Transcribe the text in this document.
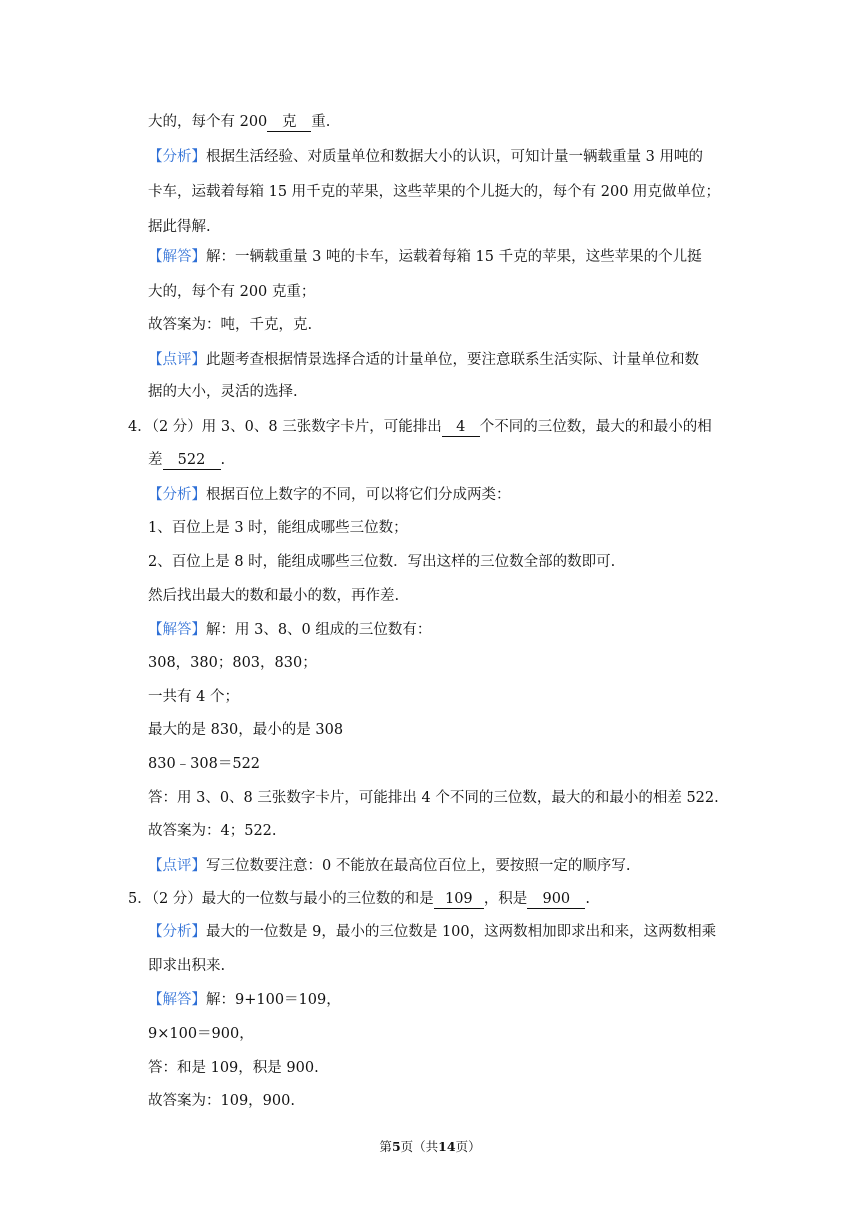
大的，每个有 200 克 重.
【分析】根据生活经验、对质量单位和数据大小的认识，可知计量一辆载重量 3 用吨的
卡车，运载着每箱 15 用千克的苹果，这些苹果的个儿挺大的，每个有 200 用克做单位；
据此得解.
【解答】解：一辆载重量 3 吨的卡车，运载着每箱 15 千克的苹果，这些苹果的个儿挺
大的，每个有 200 克重；
故答案为：吨，千克，克.
【点评】此题考查根据情景选择合适的计量单位，要注意联系生活实际、计量单位和数
据的大小，灵活的选择.
4．（2 分）用 3、0、8 三张数字卡片，可能排出 4 个不同的三位数，最大的和最小的相
差 522 .
【分析】根据百位上数字的不同，可以将它们分成两类：
1、百位上是 3 时，能组成哪些三位数；
2、百位上是 8 时，能组成哪些三位数．写出这样的三位数全部的数即可.
然后找出最大的数和最小的数，再作差.
【解答】解：用 3、8、0 组成的三位数有：
308，380；803，830；
一共有 4 个；
最大的是 830，最小的是 308
830﹣308＝522
答：用 3、0、8 三张数字卡片，可能排出 4 个不同的三位数，最大的和最小的相差 522.
故答案为：4；522.
【点评】写三位数要注意：0 不能放在最高位百位上，要按照一定的顺序写.
5．（2 分）最大的一位数与最小的三位数的和是 109 ，积是 900 .
【分析】最大的一位数是 9，最小的三位数是 100，这两数相加即求出和来，这两数相乘
即求出积来.
【解答】解：9+100＝109，
9×100＝900，
答：和是 109，积是 900.
故答案为：109，900.
第5页（共14页）
